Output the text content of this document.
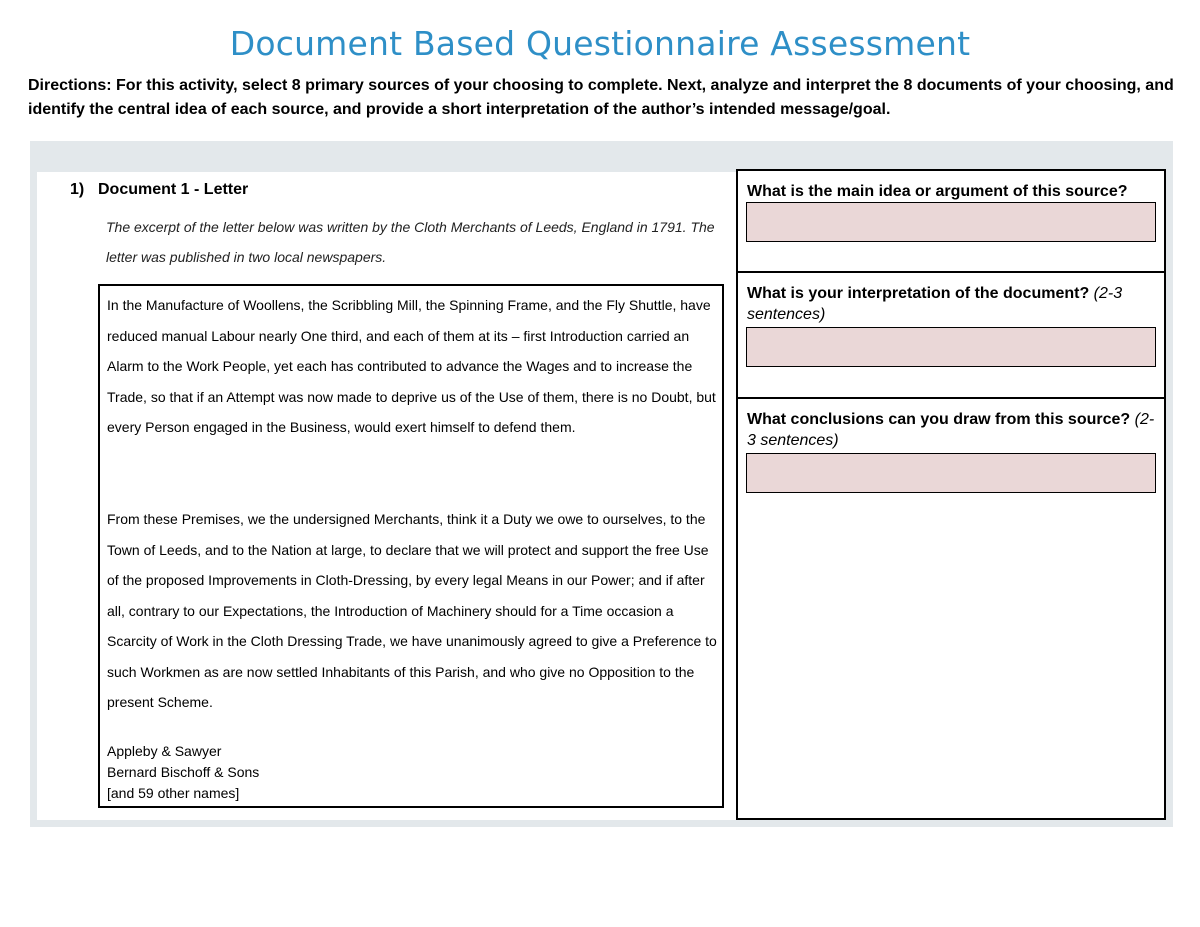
Document Based Questionnaire Assessment
Directions: For this activity, select 8 primary sources of your choosing to complete. Next, analyze and interpret the 8 documents of your choosing, and identify the central idea of each source, and provide a short interpretation of the author’s intended message/goal.
1) Document 1 - Letter
The excerpt of the letter below was written by the Cloth Merchants of Leeds, England in 1791. The letter was published in two local newspapers.
In the Manufacture of Woollens, the Scribbling Mill, the Spinning Frame, and the Fly Shuttle, have reduced manual Labour nearly One third, and each of them at its – first Introduction carried an Alarm to the Work People, yet each has contributed to advance the Wages and to increase the Trade, so that if an Attempt was now made to deprive us of the Use of them, there is no Doubt, but every Person engaged in the Business, would exert himself to defend them.
From these Premises, we the undersigned Merchants, think it a Duty we owe to ourselves, to the Town of Leeds, and to the Nation at large, to declare that we will protect and support the free Use of the proposed Improvements in Cloth-Dressing, by every legal Means in our Power; and if after all, contrary to our Expectations, the Introduction of Machinery should for a Time occasion a Scarcity of Work in the Cloth Dressing Trade, we have unanimously agreed to give a Preference to such Workmen as are now settled Inhabitants of this Parish, and who give no Opposition to the present Scheme.
Appleby & Sawyer
Bernard Bischoff & Sons
[and 59 other names]
What is the main idea or argument of this source?
What is your interpretation of the document? (2-3 sentences)
What conclusions can you draw from this source? (2-3 sentences)
